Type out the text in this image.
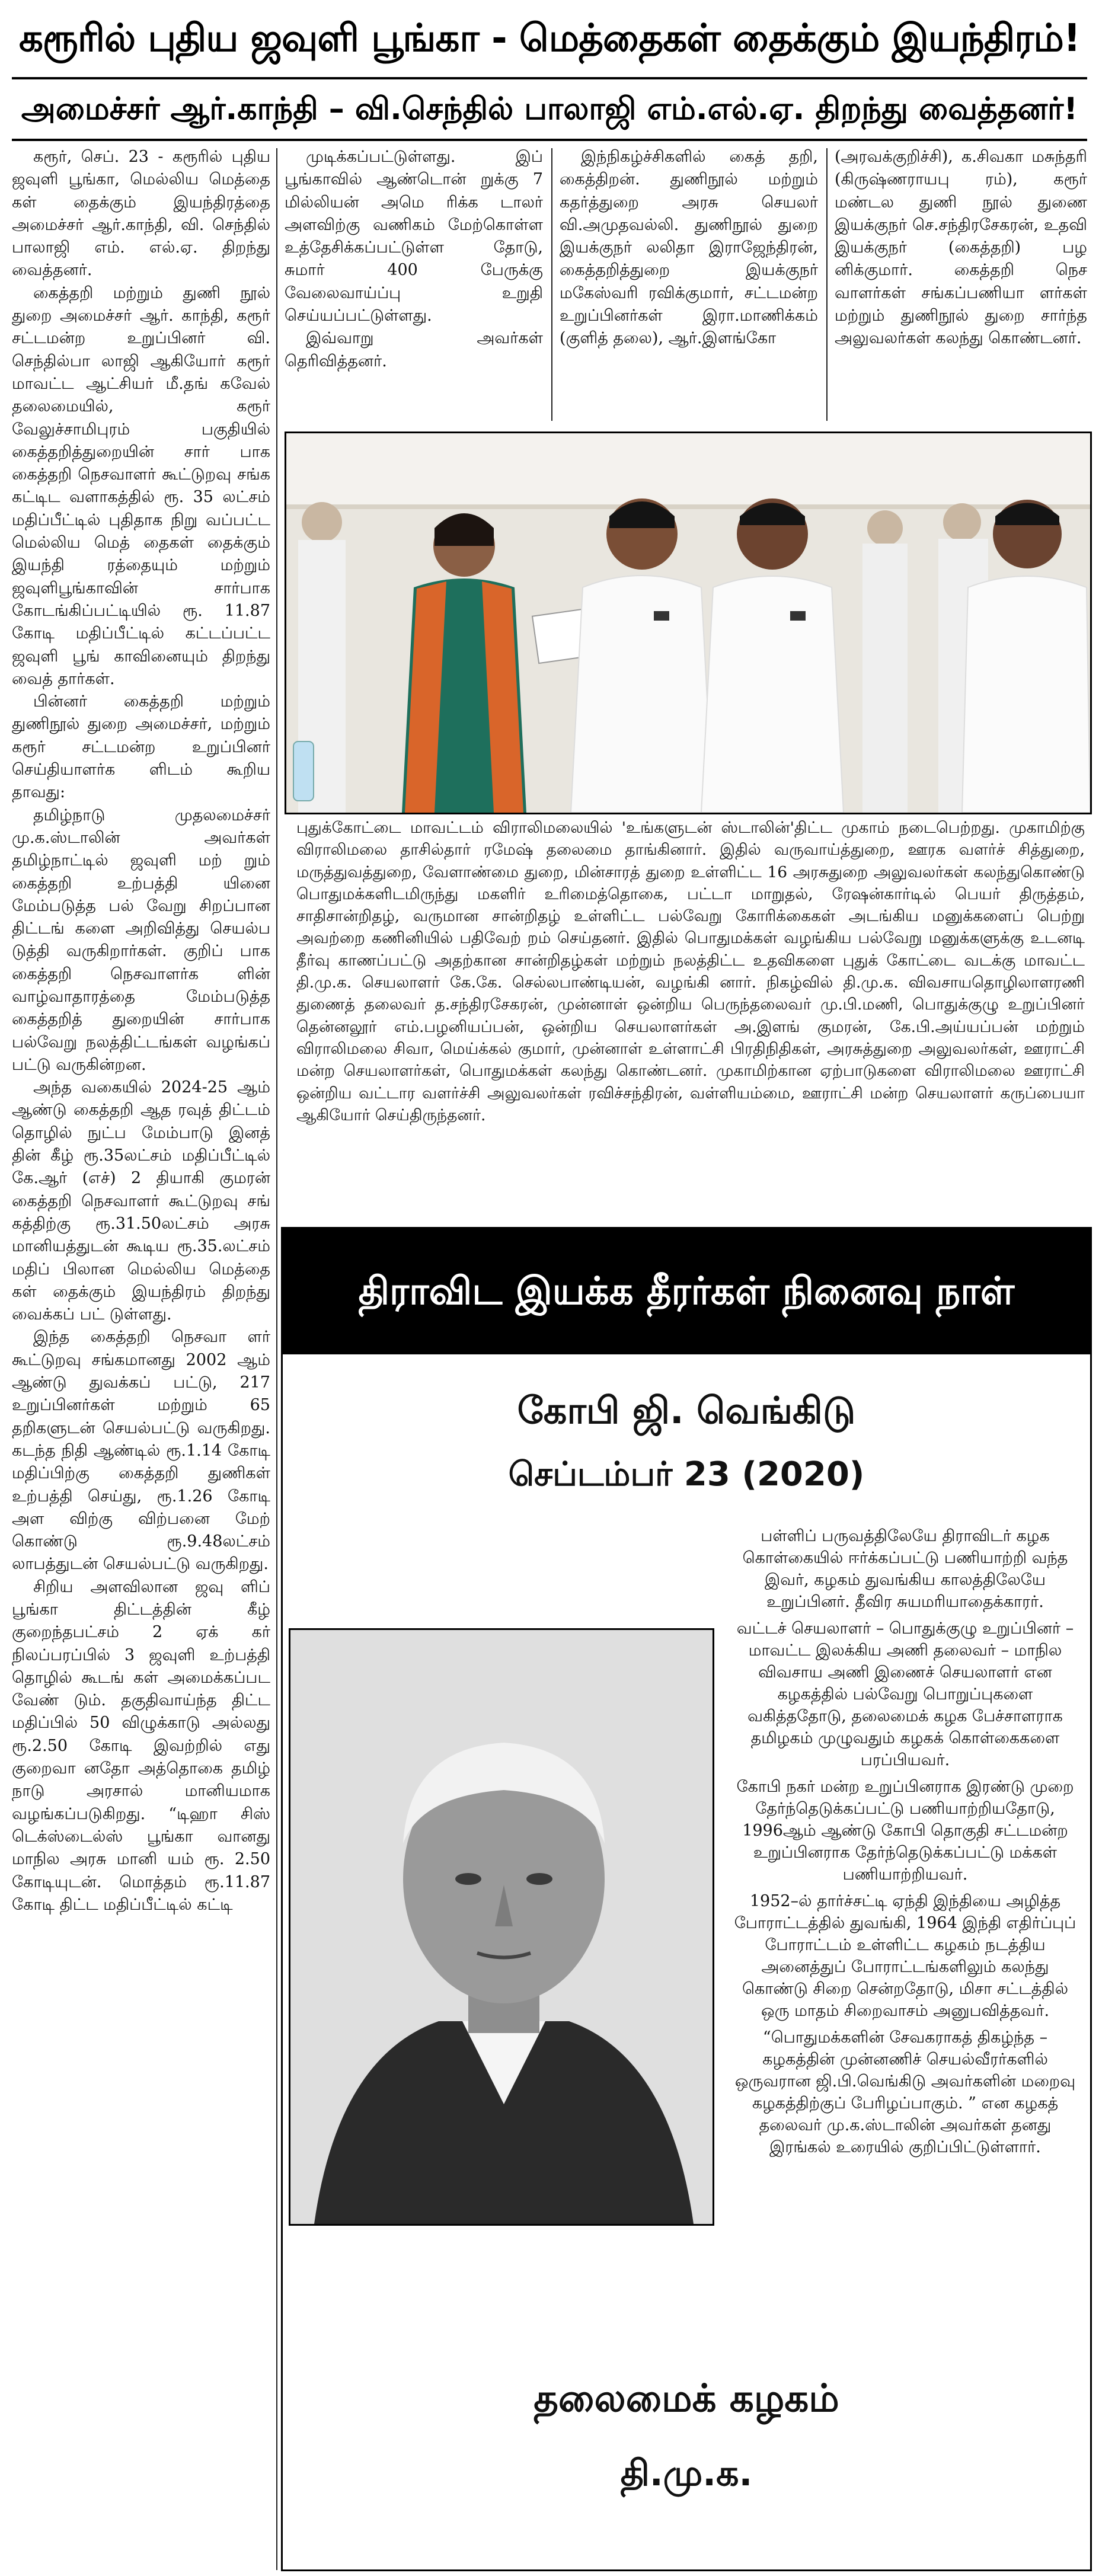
கரூரில் புதிய ஜவுளி பூங்கா - மெத்தைகள் தைக்கும் இயந்திரம்!
அமைச்சர் ஆர்.காந்தி – வி.செந்தில் பாலாஜி எம்.எல்.ஏ. திறந்து வைத்தனர்!

கரூர், செப். 23 - கரூரில் புதிய ஜவுளி பூங்கா, மெல்லிய மெத்தை கள் தைக்கும் இயந்திரத்தை அமைச்சர் ஆர்.காந்தி, வி. செந்தில் பாலாஜி எம். எல்.ஏ. திறந்து வைத்தனர்.

கைத்தறி மற்றும் துணி நூல் துறை அமைச்சர் ஆர். காந்தி, கரூர் சட்டமன்ற உறுப்பினர் வி. செந்தில்பா லாஜி ஆகியோர் கரூர் மாவட்ட ஆட்சியர் மீ.தங் கவேல் தலைமையில், கரூர் வேலுச்சாமிபுரம் பகுதியில் கைத்தறித்துறையின் சார் பாக கைத்தறி நெசவாளர் கூட்டுறவு சங்க கட்டிட வளாகத்தில் ரூ. 35 லட்சம் மதிப்பீட்டில் புதிதாக நிறு வப்பட்ட மெல்லிய மெத் தைகள் தைக்கும் இயந்தி ரத்தையும் மற்றும் ஜவுளிபூங்காவின் சார்பாக கோடங்கிப்பட்டியில் ரூ. 11.87 கோடி மதிப்பீட்டில் கட்டப்பட்ட ஜவுளி பூங் காவினையும் திறந்து வைத் தார்கள்.

பின்னர் கைத்தறி மற்றும் துணிநூல் துறை அமைச்சர், மற்றும் கரூர் சட்டமன்ற உறுப்பினர் செய்தியாளர்க ளிடம் கூறிய தாவது:

தமிழ்நாடு முதலமைச்சர் மு.க.ஸ்டாலின் அவர்கள் தமிழ்நாட்டில் ஜவுளி மற் றும் கைத்தறி உற்பத்தி யினை மேம்படுத்த பல் வேறு சிறப்பான திட்டங் களை அறிவித்து செயல்ப டுத்தி வருகிறார்கள். குறிப் பாக கைத்தறி நெசவாளர்க ளின் வாழ்வாதாரத்தை மேம்படுத்த கைத்தறித் துறையின் சார்பாக பல்வேறு நலத்திட்டங்கள் வழங்கப் பட்டு வருகின்றன.

அந்த வகையில் 2024-25 ஆம் ஆண்டு கைத்தறி ஆத ரவுத் திட்டம் தொழில் நுட்ப மேம்பாடு இனத் தின் கீழ் ரூ.35லட்சம் மதிப்பீட்டில் கே.ஆர் (எச்) 2 தியாகி குமரன் கைத்தறி நெசவாளர் கூட்டுறவு சங் கத்திற்கு ரூ.31.50லட்சம் அரசு மானியத்துடன் கூடிய ரூ.35.லட்சம் மதிப் பிலான மெல்லிய மெத்தை கள் தைக்கும் இயந்திரம் திறந்து வைக்கப் பட் டுள்ளது.

இந்த கைத்தறி நெசவா ளர் கூட்டுறவு சங்கமானது 2002 ஆம் ஆண்டு துவக்கப் பட்டு, 217 உறுப்பினர்கள் மற்றும் 65 தறிகளுடன் செயல்பட்டு வருகிறது. கடந்த நிதி ஆண்டில் ரூ.1.14 கோடி மதிப்பிற்கு கைத்தறி துணிகள் உற்பத்தி செய்து, ரூ.1.26 கோடி அள விற்கு விற்பனை மேற் கொண்டு ரூ.9.48லட்சம் லாபத்துடன் செயல்பட்டு வருகிறது.

சிறிய அளவிலான ஜவு ளிப் பூங்கா திட்டத்தின் கீழ் குறைந்தபட்சம் 2 ஏக் கர் நிலப்பரப்பில் 3 ஜவுளி உற்பத்தி தொழில் கூடங் கள் அமைக்கப்பட வேண் டும். தகுதிவாய்ந்த திட்ட மதிப்பில் 50 விழுக்காடு அல்லது ரூ.2.50 கோடி இவற்றில் எது குறைவா னதோ அத்தொகை தமிழ் நாடு அரசால் மானியமாக வழங்கப்படுகிறது. “டிஹா சிஸ் டெக்ஸ்டைல்ஸ் பூங்கா வானது மாநில அரசு மானி யம் ரூ. 2.50 கோடியுடன். மொத்தம் ரூ.11.87 கோடி திட்ட மதிப்பீட்டில் கட்டி

முடிக்கப்பட்டுள்ளது. இப் பூங்காவில் ஆண்டொன் றுக்கு 7 மில்லியன் அமெ ரிக்க டாலர் அளவிற்கு வணிகம் மேற்கொள்ள உத்தேசிக்கப்பட்டுள்ள தோடு, சுமார் 400 பேருக்கு வேலைவாய்ப்பு உறுதி செய்யப்பட்டுள்ளது.

இவ்வாறு அவர்கள் தெரிவித்தனர்.

இந்நிகழ்ச்சிகளில் கைத் தறி, கைத்திறன். துணிநூல் மற்றும் கதர்த்துறை அரசு செயலர் வி.அமுதவல்லி. துணிநூல் துறை இயக்குநர் லலிதா இராஜேந்திரன், கைத்தறித்துறை இயக்குநர் மகேஸ்வரி ரவிக்குமார், சட்டமன்ற உறுப்பினர்கள் இரா.மாணிக்கம் (குளித் தலை), ஆர்.இளங்கோ

(அரவக்குறிச்சி), க.சிவகா மசுந்தரி (கிருஷ்ணராயபு ரம்), கரூர் மண்டல துணி நூல் துணை இயக்குநர் செ.சந்திரசேகரன், உதவி இயக்குநர் (கைத்தறி) பழ னிக்குமார். கைத்தறி நெச வாளர்கள் சங்கப்பணியா ளர்கள் மற்றும் துணிநூல் துறை சார்ந்த அலுவலர்கள் கலந்து கொண்டனர்.

புதுக்கோட்டை மாவட்டம் விராலிமலையில் 'உங்களுடன் ஸ்டாலின்'திட்ட முகாம் நடைபெற்றது. முகாமிற்கு விராலிமலை தாசில்தார் ரமேஷ் தலைமை தாங்கினார். இதில் வருவாய்த்துறை, ஊரக வளர்ச் சித்துறை, மருத்துவத்துறை, வேளாண்மை துறை, மின்சாரத் துறை உள்ளிட்ட 16 அரசுதுறை அலுவலர்கள் கலந்துகொண்டு பொதுமக்களிடமிருந்து மகளிர் உரிமைத்தொகை, பட்டா மாறுதல், ரேஷன்கார்டில் பெயர் திருத்தம், சாதிசான்றிதழ், வருமான சான்றிதழ் உள்ளிட்ட பல்வேறு கோரிக்கைகள் அடங்கிய மனுக்களைப் பெற்று அவற்றை கணினியில் பதிவேற் றம் செய்தனர். இதில் பொதுமக்கள் வழங்கிய பல்வேறு மனுக்களுக்கு உடனடி தீர்வு காணப்பட்டு அதற்கான சான்றிதழ்கள் மற்றும் நலத்திட்ட உதவிகளை புதுக் கோட்டை வடக்கு மாவட்ட தி.மு.க. செயலாளர் கே.கே. செல்லபாண்டியன், வழங்கி னார். நிகழ்வில் தி.மு.க. விவசாயதொழிலாளரணி துணைத் தலைவர் த.சந்திரசேகரன், முன்னாள் ஒன்றிய பெருந்தலைவர் மு.பி.மணி, பொதுக்குழு உறுப்பினர் தென்னலூர் எம்.பழனியப்பன், ஒன்றிய செயலாளர்கள் அ.இளங் குமரன், கே.பி.அய்யப்பன் மற்றும் விராலிமலை சிவா, மெய்க்கல் குமார், முன்னாள் உள்ளாட்சி பிரதிநிதிகள், அரசுத்துறை அலுவலர்கள், ஊராட்சி மன்ற செயலாளர்கள், பொதுமக்கள் கலந்து கொண்டனர். முகாமிற்கான ஏற்பாடுகளை விராலிமலை ஊராட்சி ஒன்றிய வட்டார வளர்ச்சி அலுவலர்கள் ரவிச்சந்திரன், வள்ளியம்மை, ஊராட்சி மன்ற செயலாளர் கருப்பையா ஆகியோர் செய்திருந்தனர்.

திராவிட இயக்க தீரர்கள் நினைவு நாள்
கோபி ஜி. வெங்கிடு
செப்டம்பர் 23 (2020)

பள்ளிப் பருவத்திலேயே திராவிடர் கழக கொள்கையில் ஈர்க்கப்பட்டு பணியாற்றி வந்த இவர், கழகம் துவங்கிய காலத்திலேயே உறுப்பினர். தீவிர சுயமரியாதைக்காரர்.

வட்டச் செயலாளர் – பொதுக்குழு உறுப்பினர் – மாவட்ட இலக்கிய அணி தலைவர் – மாநில விவசாய அணி இணைச் செயலாளர் என கழகத்தில் பல்வேறு பொறுப்புகளை வகித்ததோடு, தலைமைக் கழக பேச்சாளராக தமிழகம் முழுவதும் கழகக் கொள்கைகளை பரப்பியவர்.

கோபி நகர் மன்ற உறுப்பினராக இரண்டு முறை தேர்ந்தெடுக்கப்பட்டு பணியாற்றியதோடு, 1996ஆம் ஆண்டு கோபி தொகுதி சட்டமன்ற உறுப்பினராக தேர்ந்தெடுக்கப்பட்டு மக்கள் பணியாற்றியவர்.

1952–ல் தார்ச்சட்டி ஏந்தி இந்தியை அழித்த போராட்டத்தில் துவங்கி, 1964 இந்தி எதிர்ப்புப் போராட்டம் உள்ளிட்ட கழகம் நடத்திய அனைத்துப் போராட்டங்களிலும் கலந்து கொண்டு சிறை சென்றதோடு, மிசா சட்டத்தில் ஒரு மாதம் சிறைவாசம் அனுபவித்தவர்.

“பொதுமக்களின் சேவகராகத் திகழ்ந்த – கழகத்தின் முன்னணிச் செயல்வீரர்களில் ஒருவரான ஜி.பி.வெங்கிடு அவர்களின் மறைவு கழகத்திற்குப் பேரிழப்பாகும். ” என கழகத் தலைவர் மு.க.ஸ்டாலின் அவர்கள் தனது இரங்கல் உரையில் குறிப்பிட்டுள்ளார்.

தலைமைக் கழகம்
தி.மு.க.
